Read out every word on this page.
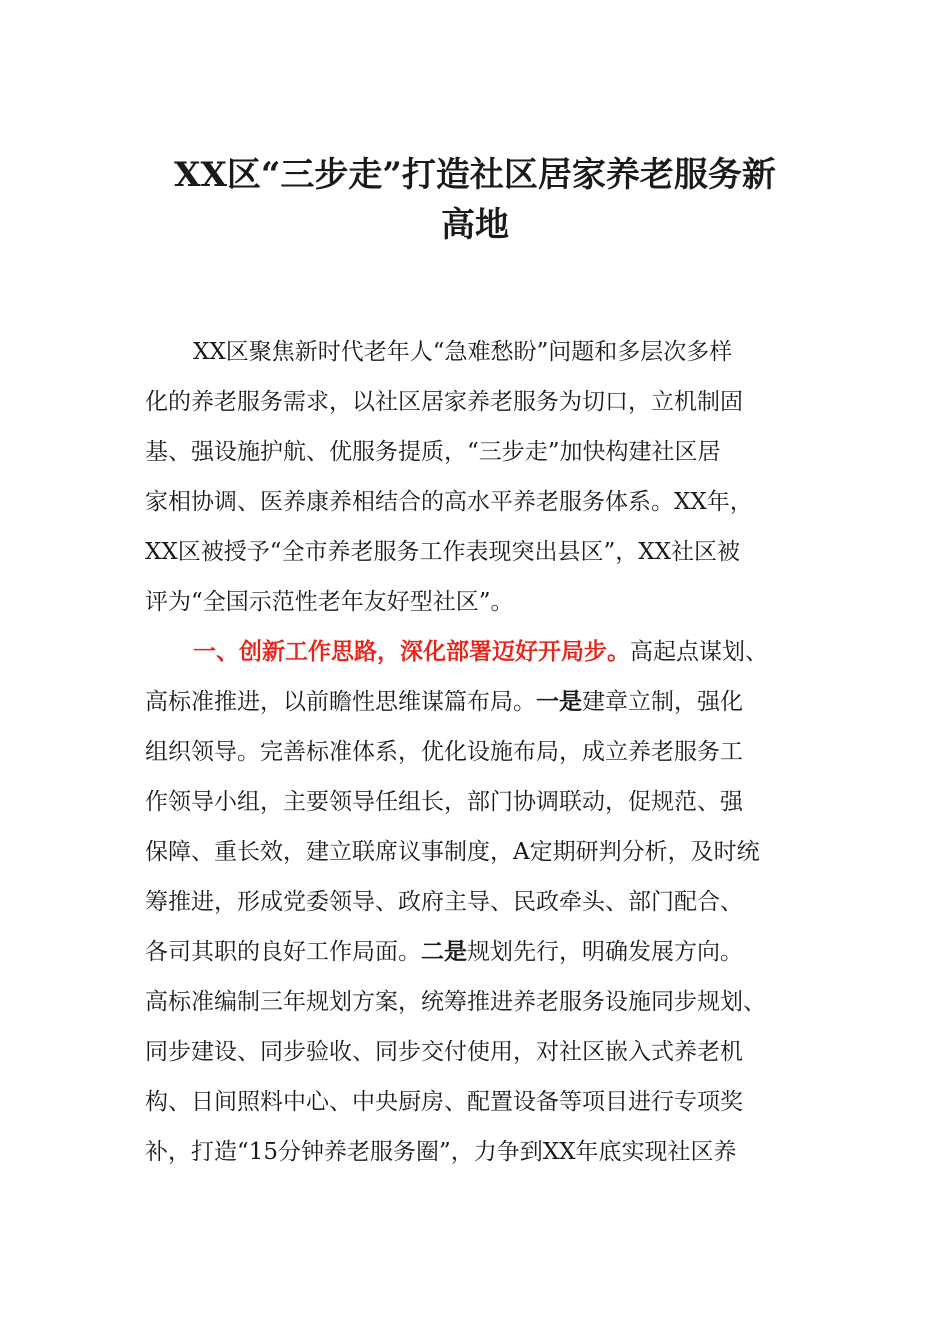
XX区“三步走”打造社区居家养老服务新
高地
XX区聚焦新时代老年人“急难愁盼”问题和多层次多样
化的养老服务需求，以社区居家养老服务为切口，立机制固
基、强设施护航、优服务提质，“三步走”加快构建社区居
家相协调、医养康养相结合的高水平养老服务体系。XX年，
XX区被授予“全市养老服务工作表现突出县区”，XX社区被
评为“全国示范性老年友好型社区”。
一、创新工作思路，深化部署迈好开局步。高起点谋划、
高标准推进，以前瞻性思维谋篇布局。一是建章立制，强化
组织领导。完善标准体系，优化设施布局，成立养老服务工
作领导小组，主要领导任组长，部门协调联动，促规范、强
保障、重长效，建立联席议事制度，A定期研判分析，及时统
筹推进，形成党委领导、政府主导、民政牵头、部门配合、
各司其职的良好工作局面。二是规划先行，明确发展方向。
高标准编制三年规划方案，统筹推进养老服务设施同步规划、
同步建设、同步验收、同步交付使用，对社区嵌入式养老机
构、日间照料中心、中央厨房、配置设备等项目进行专项奖
补，打造“15分钟养老服务圈”，力争到XX年底实现社区养
